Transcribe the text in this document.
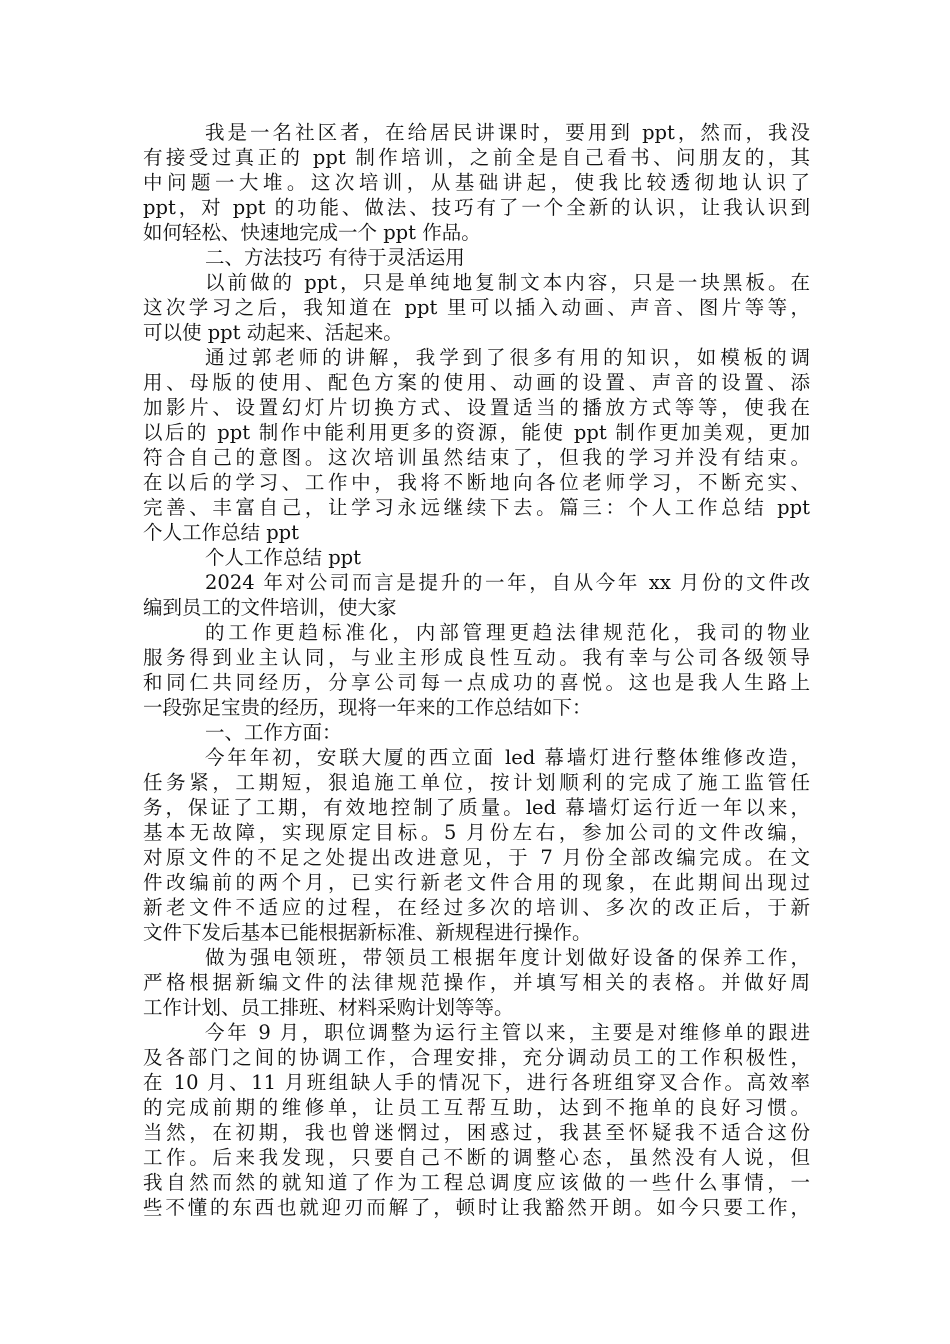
我是一名社区者，在给居民讲课时，要用到 ppt，然而，我没
有接受过真正的 ppt 制作培训，之前全是自己看书、问朋友的，其
中问题一大堆。这次培训，从基础讲起，使我比较透彻地认识了
ppt，对 ppt 的功能、做法、技巧有了一个全新的认识，让我认识到
如何轻松、快速地完成一个 ppt 作品。
二、方法技巧 有待于灵活运用
以前做的 ppt，只是单纯地复制文本内容，只是一块黑板。在
这次学习之后，我知道在 ppt 里可以插入动画、声音、图片等等，
可以使 ppt 动起来、活起来。
通过郭老师的讲解，我学到了很多有用的知识，如模板的调
用、母版的使用、配色方案的使用、动画的设置、声音的设置、添
加影片、设置幻灯片切换方式、设置适当的播放方式等等，使我在
以后的 ppt 制作中能利用更多的资源，能使 ppt 制作更加美观，更加
符合自己的意图。这次培训虽然结束了，但我的学习并没有结束。
在以后的学习、工作中，我将不断地向各位老师学习，不断充实、
完善、丰富自己，让学习永远继续下去。篇三：个人工作总结 ppt
个人工作总结 ppt
个人工作总结 ppt
2024 年对公司而言是提升的一年，自从今年 xx 月份的文件改
编到员工的文件培训，使大家
的工作更趋标准化，内部管理更趋法律规范化，我司的物业
服务得到业主认同，与业主形成良性互动。我有幸与公司各级领导
和同仁共同经历，分享公司每一点成功的喜悦。这也是我人生路上
一段弥足宝贵的经历，现将一年来的工作总结如下：
一、工作方面：
今年年初，安联大厦的西立面 led 幕墙灯进行整体维修改造，
任务紧，工期短，狠追施工单位，按计划顺利的完成了施工监管任
务，保证了工期，有效地控制了质量。led 幕墙灯运行近一年以来，
基本无故障，实现原定目标。5 月份左右，参加公司的文件改编，
对原文件的不足之处提出改进意见，于 7 月份全部改编完成。在文
件改编前的两个月，已实行新老文件合用的现象，在此期间出现过
新老文件不适应的过程，在经过多次的培训、多次的改正后，于新
文件下发后基本已能根据新标准、新规程进行操作。
做为强电领班，带领员工根据年度计划做好设备的保养工作，
严格根据新编文件的法律规范操作，并填写相关的表格。并做好周
工作计划、员工排班、材料采购计划等等。
今年 9 月，职位调整为运行主管以来，主要是对维修单的跟进
及各部门之间的协调工作，合理安排，充分调动员工的工作积极性，
在 10 月、11 月班组缺人手的情况下，进行各班组穿叉合作。高效率
的完成前期的维修单，让员工互帮互助，达到不拖单的良好习惯。
当然，在初期，我也曾迷惘过，困惑过，我甚至怀疑我不适合这份
工作。后来我发现，只要自己不断的调整心态，虽然没有人说，但
我自然而然的就知道了作为工程总调度应该做的一些什么事情，一
些不懂的东西也就迎刃而解了，顿时让我豁然开朗。如今只要工作，
